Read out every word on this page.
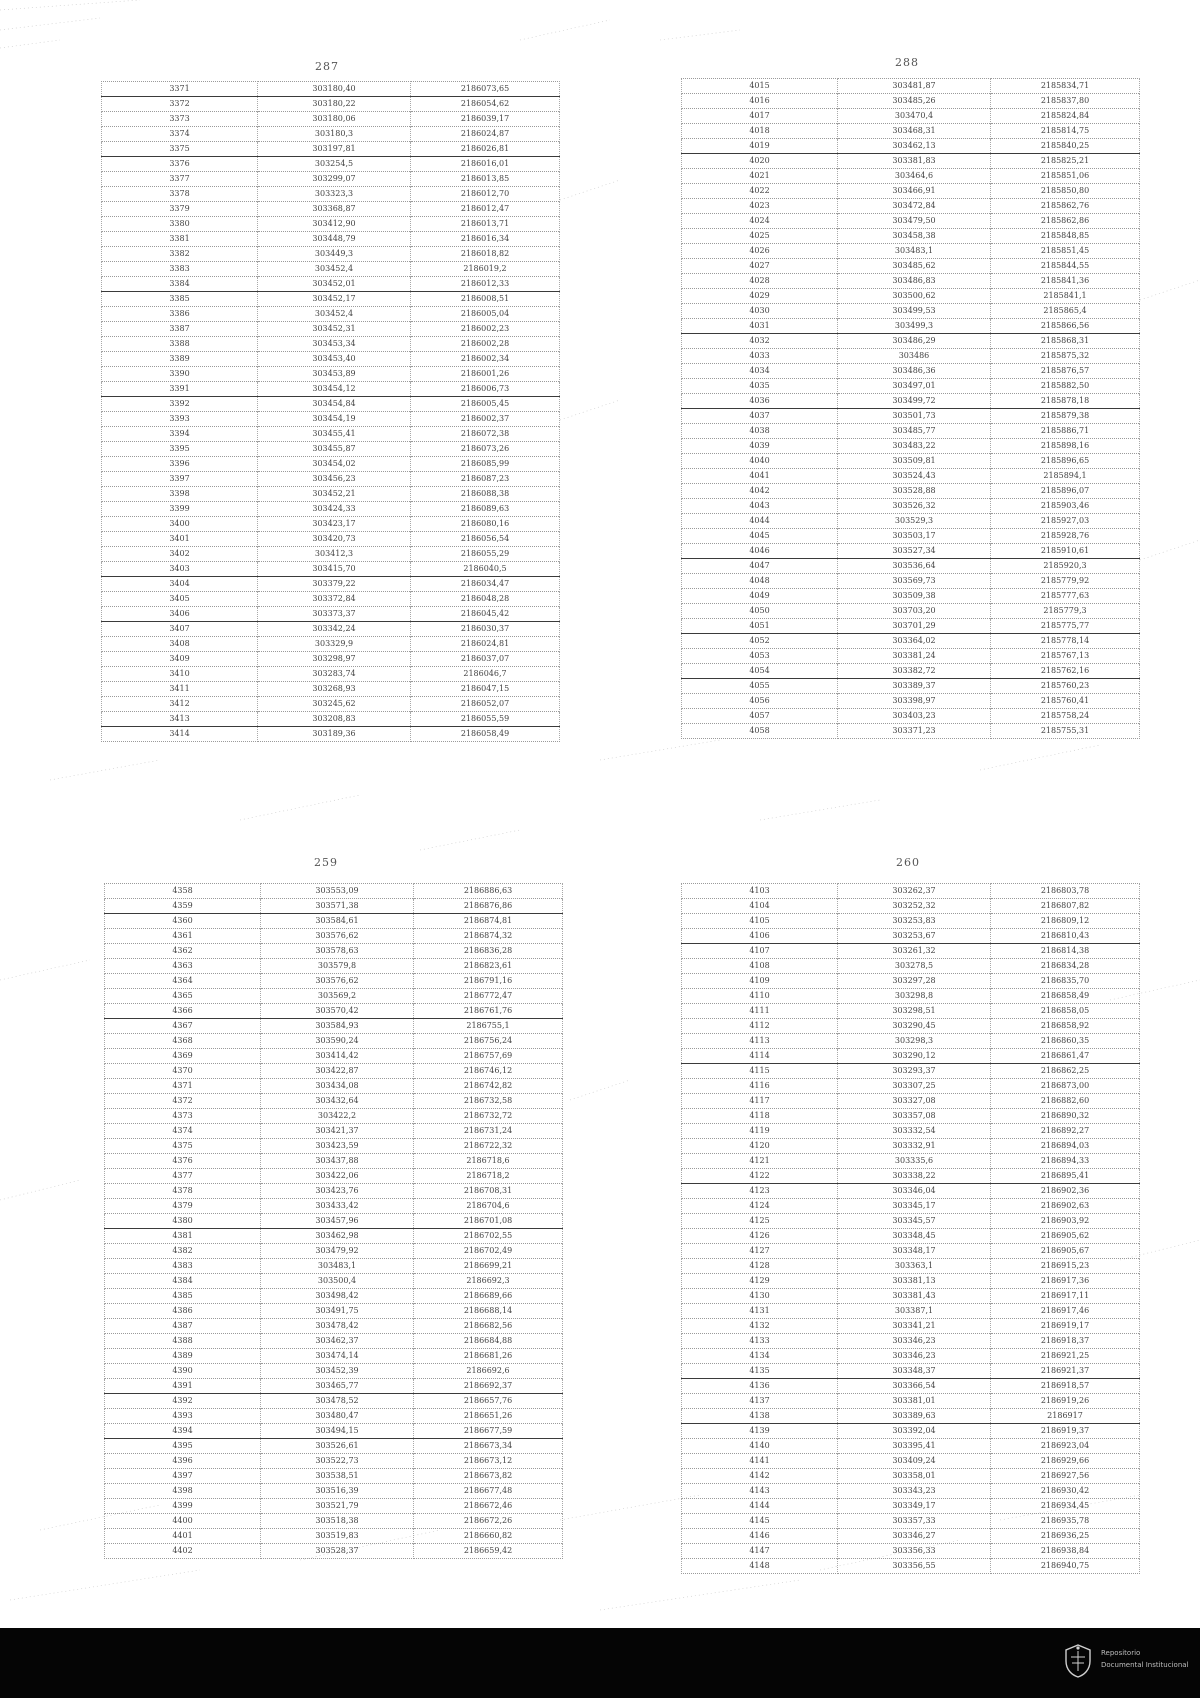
287
3371	303180,40	2186073,65
3372	303180,22	2186054,62
3373	303180,06	2186039,17
3374	303180,3	2186024,87
3375	303197,81	2186026,81
3376	303254,5	2186016,01
3377	303299,07	2186013,85
3378	303323,3	2186012,70
3379	303368,87	2186012,47
3380	303412,90	2186013,71
3381	303448,79	2186016,34
3382	303449,3	2186018,82
3383	303452,4	2186019,2
3384	303452,01	2186012,33
3385	303452,17	2186008,51
3386	303452,4	2186005,04
3387	303452,31	2186002,23
3388	303453,34	2186002,28
3389	303453,40	2186002,34
3390	303453,89	2186001,26
3391	303454,12	2186006,73
3392	303454,84	2186005,45
3393	303454,19	2186002,37
3394	303455,41	2186072,38
3395	303455,87	2186073,26
3396	303454,02	2186085,99
3397	303456,23	2186087,23
3398	303452,21	2186088,38
3399	303424,33	2186089,63
3400	303423,17	2186080,16
3401	303420,73	2186056,54
3402	303412,3	2186055,29
3403	303415,70	2186040,5
3404	303379,22	2186034,47
3405	303372,84	2186048,28
3406	303373,37	2186045,42
3407	303342,24	2186030,37
3408	303329,9	2186024,81
3409	303298,97	2186037,07
3410	303283,74	2186046,7
3411	303268,93	2186047,15
3412	303245,62	2186052,07
3413	303208,83	2186055,59
3414	303189,36	2186058,49
288
4015	303481,87	2185834,71
4016	303485,26	2185837,80
4017	303470,4	2185824,84
4018	303468,31	2185814,75
4019	303462,13	2185840,25
4020	303381,83	2185825,21
4021	303464,6	2185851,06
4022	303466,91	2185850,80
4023	303472,84	2185862,76
4024	303479,50	2185862,86
4025	303458,38	2185848,85
4026	303483,1	2185851,45
4027	303485,62	2185844,55
4028	303486,83	2185841,36
4029	303500,62	2185841,1
4030	303499,53	2185865,4
4031	303499,3	2185866,56
4032	303486,29	2185868,31
4033	303486	2185875,32
4034	303486,36	2185876,57
4035	303497,01	2185882,50
4036	303499,72	2185878,18
4037	303501,73	2185879,38
4038	303485,77	2185886,71
4039	303483,22	2185898,16
4040	303509,81	2185896,65
4041	303524,43	2185894,1
4042	303528,88	2185896,07
4043	303526,32	2185903,46
4044	303529,3	2185927,03
4045	303503,17	2185928,76
4046	303527,34	2185910,61
4047	303536,64	2185920,3
4048	303569,73	2185779,92
4049	303509,38	2185777,63
4050	303703,20	2185779,3
4051	303701,29	2185775,77
4052	303364,02	2185778,14
4053	303381,24	2185767,13
4054	303382,72	2185762,16
4055	303389,37	2185760,23
4056	303398,97	2185760,41
4057	303403,23	2185758,24
4058	303371,23	2185755,31
259
4358	303553,09	2186886,63
4359	303571,38	2186876,86
4360	303584,61	2186874,81
4361	303576,62	2186874,32
4362	303578,63	2186836,28
4363	303579,8	2186823,61
4364	303576,62	2186791,16
4365	303569,2	2186772,47
4366	303570,42	2186761,76
4367	303584,93	2186755,1
4368	303590,24	2186756,24
4369	303414,42	2186757,69
4370	303422,87	2186746,12
4371	303434,08	2186742,82
4372	303432,64	2186732,58
4373	303422,2	2186732,72
4374	303421,37	2186731,24
4375	303423,59	2186722,32
4376	303437,88	2186718,6
4377	303422,06	2186718,2
4378	303423,76	2186708,31
4379	303433,42	2186704,6
4380	303457,96	2186701,08
4381	303462,98	2186702,55
4382	303479,92	2186702,49
4383	303483,1	2186699,21
4384	303500,4	2186692,3
4385	303498,42	2186689,66
4386	303491,75	2186688,14
4387	303478,42	2186682,56
4388	303462,37	2186684,88
4389	303474,14	2186681,26
4390	303452,39	2186692,6
4391	303465,77	2186692,37
4392	303478,52	2186657,76
4393	303480,47	2186651,26
4394	303494,15	2186677,59
4395	303526,61	2186673,34
4396	303522,73	2186673,12
4397	303538,51	2186673,82
4398	303516,39	2186677,48
4399	303521,79	2186672,46
4400	303518,38	2186672,26
4401	303519,83	2186660,82
4402	303528,37	2186659,42
260
4103	303262,37	2186803,78
4104	303252,32	2186807,82
4105	303253,83	2186809,12
4106	303253,67	2186810,43
4107	303261,32	2186814,38
4108	303278,5	2186834,28
4109	303297,28	2186835,70
4110	303298,8	2186858,49
4111	303298,51	2186858,05
4112	303290,45	2186858,92
4113	303298,3	2186860,35
4114	303290,12	2186861,47
4115	303293,37	2186862,25
4116	303307,25	2186873,00
4117	303327,08	2186882,60
4118	303357,08	2186890,32
4119	303332,54	2186892,27
4120	303332,91	2186894,03
4121	303335,6	2186894,33
4122	303338,22	2186895,41
4123	303346,04	2186902,36
4124	303345,17	2186902,63
4125	303345,57	2186903,92
4126	303348,45	2186905,62
4127	303348,17	2186905,67
4128	303363,1	2186915,23
4129	303381,13	2186917,36
4130	303381,43	2186917,11
4131	303387,1	2186917,46
4132	303341,21	2186919,17
4133	303346,23	2186918,37
4134	303346,23	2186921,25
4135	303348,37	2186921,37
4136	303366,54	2186918,57
4137	303381,01	2186919,26
4138	303389,63	2186917
4139	303392,04	2186919,37
4140	303395,41	2186923,04
4141	303409,24	2186929,66
4142	303358,01	2186927,56
4143	303343,23	2186930,42
4144	303349,17	2186934,45
4145	303357,33	2186935,78
4146	303346,27	2186936,25
4147	303356,33	2186938,84
4148	303356,55	2186940,75
Repositorio
Documental Institucional
